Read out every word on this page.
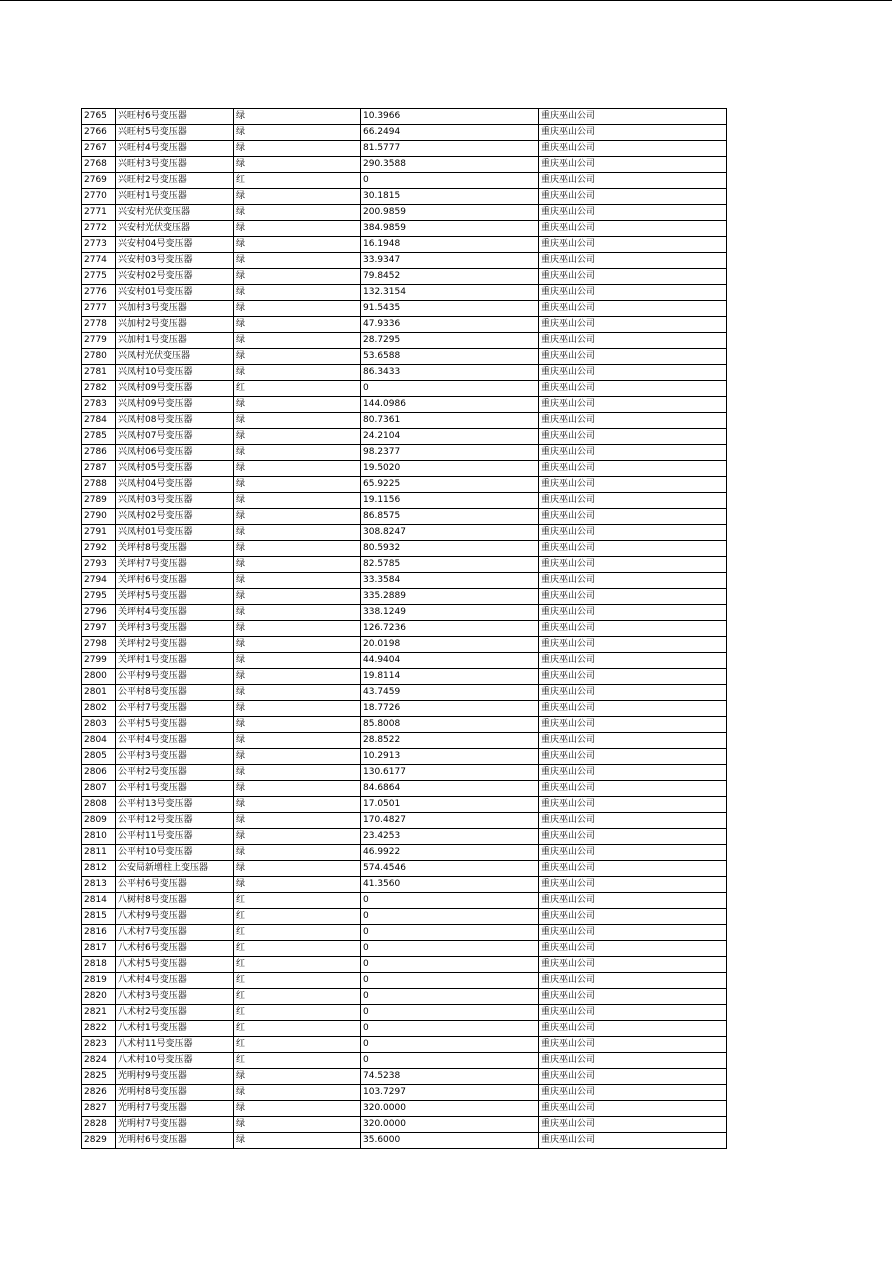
2765	兴旺村6号变压器	绿	10.3966	重庆巫山公司
2766	兴旺村5号变压器	绿	66.2494	重庆巫山公司
2767	兴旺村4号变压器	绿	81.5777	重庆巫山公司
2768	兴旺村3号变压器	绿	290.3588	重庆巫山公司
2769	兴旺村2号变压器	红	0	重庆巫山公司
2770	兴旺村1号变压器	绿	30.1815	重庆巫山公司
2771	兴安村光伏变压器	绿	200.9859	重庆巫山公司
2772	兴安村光伏变压器	绿	384.9859	重庆巫山公司
2773	兴安村04号变压器	绿	16.1948	重庆巫山公司
2774	兴安村03号变压器	绿	33.9347	重庆巫山公司
2775	兴安村02号变压器	绿	79.8452	重庆巫山公司
2776	兴安村01号变压器	绿	132.3154	重庆巫山公司
2777	兴加村3号变压器	绿	91.5435	重庆巫山公司
2778	兴加村2号变压器	绿	47.9336	重庆巫山公司
2779	兴加村1号变压器	绿	28.7295	重庆巫山公司
2780	兴凤村光伏变压器	绿	53.6588	重庆巫山公司
2781	兴凤村10号变压器	绿	86.3433	重庆巫山公司
2782	兴凤村09号变压器	红	0	重庆巫山公司
2783	兴凤村09号变压器	绿	144.0986	重庆巫山公司
2784	兴凤村08号变压器	绿	80.7361	重庆巫山公司
2785	兴凤村07号变压器	绿	24.2104	重庆巫山公司
2786	兴凤村06号变压器	绿	98.2377	重庆巫山公司
2787	兴凤村05号变压器	绿	19.5020	重庆巫山公司
2788	兴凤村04号变压器	绿	65.9225	重庆巫山公司
2789	兴凤村03号变压器	绿	19.1156	重庆巫山公司
2790	兴凤村02号变压器	绿	86.8575	重庆巫山公司
2791	兴凤村01号变压器	绿	308.8247	重庆巫山公司
2792	关坪村8号变压器	绿	80.5932	重庆巫山公司
2793	关坪村7号变压器	绿	82.5785	重庆巫山公司
2794	关坪村6号变压器	绿	33.3584	重庆巫山公司
2795	关坪村5号变压器	绿	335.2889	重庆巫山公司
2796	关坪村4号变压器	绿	338.1249	重庆巫山公司
2797	关坪村3号变压器	绿	126.7236	重庆巫山公司
2798	关坪村2号变压器	绿	20.0198	重庆巫山公司
2799	关坪村1号变压器	绿	44.9404	重庆巫山公司
2800	公平村9号变压器	绿	19.8114	重庆巫山公司
2801	公平村8号变压器	绿	43.7459	重庆巫山公司
2802	公平村7号变压器	绿	18.7726	重庆巫山公司
2803	公平村5号变压器	绿	85.8008	重庆巫山公司
2804	公平村4号变压器	绿	28.8522	重庆巫山公司
2805	公平村3号变压器	绿	10.2913	重庆巫山公司
2806	公平村2号变压器	绿	130.6177	重庆巫山公司
2807	公平村1号变压器	绿	84.6864	重庆巫山公司
2808	公平村13号变压器	绿	17.0501	重庆巫山公司
2809	公平村12号变压器	绿	170.4827	重庆巫山公司
2810	公平村11号变压器	绿	23.4253	重庆巫山公司
2811	公平村10号变压器	绿	46.9922	重庆巫山公司
2812	公安局新增柱上变压器	绿	574.4546	重庆巫山公司
2813	公平村6号变压器	绿	41.3560	重庆巫山公司
2814	八树村8号变压器	红	0	重庆巫山公司
2815	八术村9号变压器	红	0	重庆巫山公司
2816	八术村7号变压器	红	0	重庆巫山公司
2817	八术村6号变压器	红	0	重庆巫山公司
2818	八术村5号变压器	红	0	重庆巫山公司
2819	八术村4号变压器	红	0	重庆巫山公司
2820	八术村3号变压器	红	0	重庆巫山公司
2821	八术村2号变压器	红	0	重庆巫山公司
2822	八术村1号变压器	红	0	重庆巫山公司
2823	八术村11号变压器	红	0	重庆巫山公司
2824	八术村10号变压器	红	0	重庆巫山公司
2825	光明村9号变压器	绿	74.5238	重庆巫山公司
2826	光明村8号变压器	绿	103.7297	重庆巫山公司
2827	光明村7号变压器	绿	320.0000	重庆巫山公司
2828	光明村7号变压器	绿	320.0000	重庆巫山公司
2829	光明村6号变压器	绿	35.6000	重庆巫山公司
